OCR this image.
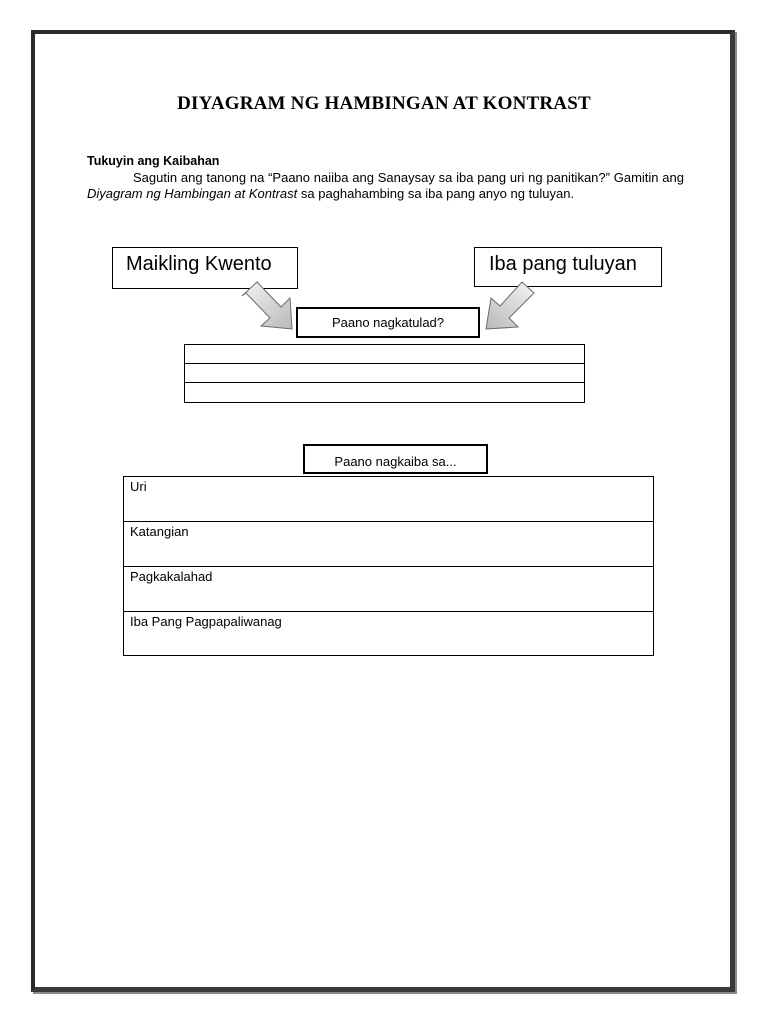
DIYAGRAM NG HAMBINGAN AT KONTRAST
Tukuyin ang Kaibahan
Sagutin ang tanong na “Paano naiiba ang Sanaysay sa iba pang uri ng panitikan?” Gamitin ang Diyagram ng Hambingan at Kontrast sa paghahambing sa iba pang anyo ng tuluyan.
Maikling Kwento	Iba pang tuluyan
Paano nagkatulad?
Paano nagkaiba sa...
Uri
Katangian
Pagkakalahad
Iba Pang Pagpapaliwanag
